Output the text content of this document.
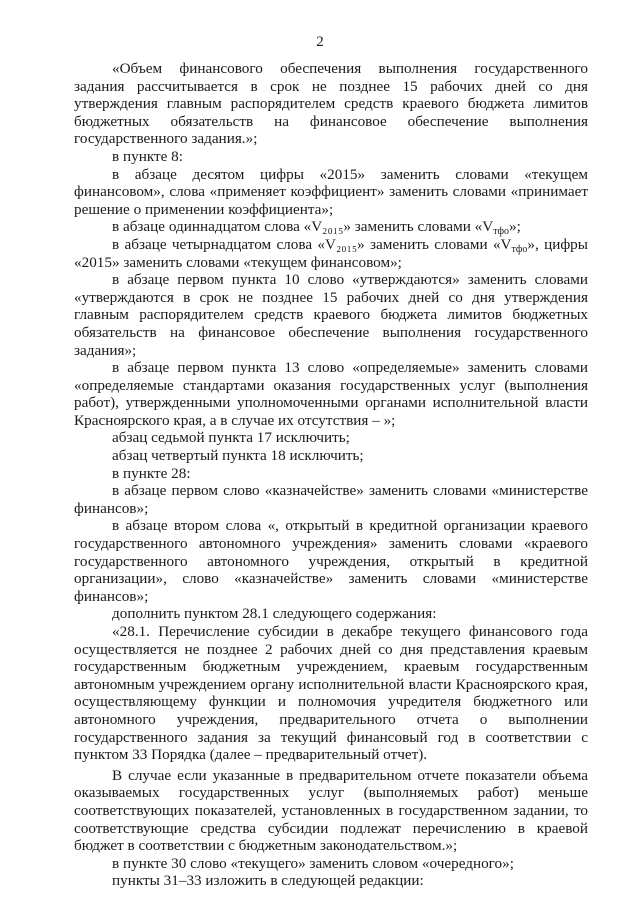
2

«Объем финансового обеспечения выполнения государственного задания рассчитывается в срок не позднее 15 рабочих дней со дня утверждения главным распорядителем средств краевого бюджета лимитов бюджетных обязательств на финансовое обеспечение выполнения государственного задания.»;

в пункте 8:

в абзаце десятом цифры «2015» заменить словами «текущем финансовом», слова «применяет коэффициент» заменить словами «принимает решение о применении коэффициента»;

в абзаце одиннадцатом слова «V₂₀₁₅» заменить словами «$V_{тфо}$»;

в абзаце четырнадцатом слова «V₂₀₁₅» заменить словами «$V_{тфо}$», цифры «2015» заменить словами «текущем финансовом»;

в абзаце первом пункта 10 слово «утверждаются» заменить словами «утверждаются в срок не позднее 15 рабочих дней со дня утверждения главным распорядителем средств краевого бюджета лимитов бюджетных обязательств на финансовое обеспечение выполнения государственного задания»;

в абзаце первом пункта 13 слово «определяемые» заменить словами «определяемые стандартами оказания государственных услуг (выполнения работ), утвержденными уполномоченными органами исполнительной власти Красноярского края, а в случае их отсутствия – »;

абзац седьмой пункта 17 исключить;

абзац четвертый пункта 18 исключить;

в пункте 28:

в абзаце первом слово «казначействе» заменить словами «министерстве финансов»;

в абзаце втором слова «, открытый в кредитной организации краевого государственного автономного учреждения» заменить словами «краевого государственного автономного учреждения, открытый в кредитной организации», слово «казначействе» заменить словами «министерстве финансов»;

дополнить пунктом 28.1 следующего содержания:

«28.1. Перечисление субсидии в декабре текущего финансового года осуществляется не позднее 2 рабочих дней со дня представления краевым государственным бюджетным учреждением, краевым государственным автономным учреждением органу исполнительной власти Красноярского края, осуществляющему функции и полномочия учредителя бюджетного или автономного учреждения, предварительного отчета о выполнении государственного задания за текущий финансовый год в соответствии с пунктом 33 Порядка (далее – предварительный отчет).

В случае если указанные в предварительном отчете показатели объема оказываемых государственных услуг (выполняемых работ) меньше соответствующих показателей, установленных в государственном задании, то соответствующие средства субсидии подлежат перечислению в краевой бюджет в соответствии с бюджетным законодательством.»;

в пункте 30 слово «текущего» заменить словом «очередного»;

пункты 31–33 изложить в следующей редакции:
